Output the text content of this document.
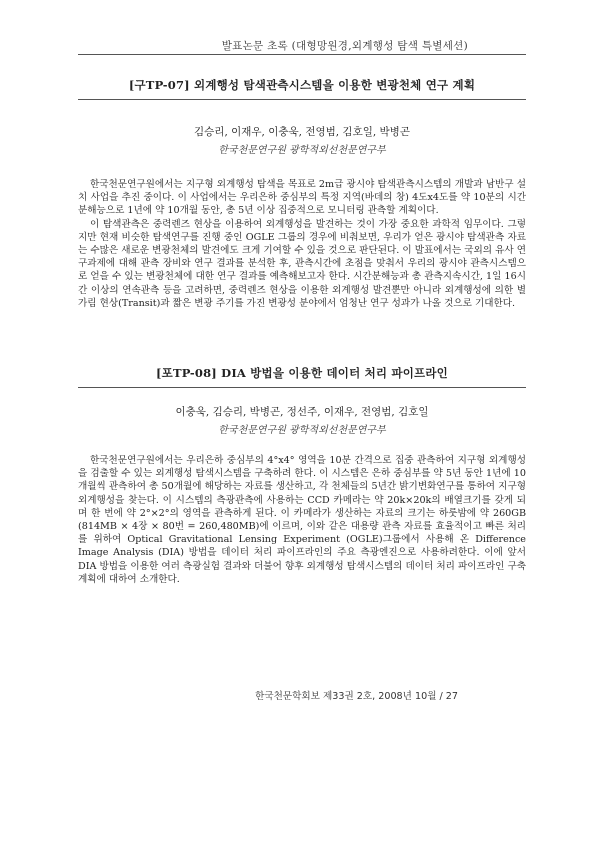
발표논문 초록 (대형망원경,외계행성 탐색 특별세션)
[구TP-07] 외계행성 탐색관측시스템을 이용한 변광천체 연구 계획
김승리, 이재우, 이충욱, 전영범, 김호일, 박병곤
한국천문연구원 광학적외선천문연구부

한국천문연구원에서는 지구형 외계행성 탐색을 목표로 2m급 광시야 탐색관측시스템의 개발과 남반구 설치 사업을 추진 중이다. 이 사업에서는 우리은하 중심부의 특정 지역(바데의 창) 4도x4도를 약 10분의 시간분해능으로 1년에 약 10개월 동안, 총 5년 이상 집중적으로 모니터링 관측할 계획이다.

이 탐색관측은 중력렌즈 현상을 이용하여 외계행성을 발견하는 것이 가장 중요한 과학적 임무이다. 그렇지만 현재 비슷한 탐색연구를 진행 중인 OGLE 그룹의 경우에 비춰보면, 우리가 얻은 광시야 탐색관측 자료는 수많은 새로운 변광천체의 발견에도 크게 기여할 수 있을 것으로 판단된다. 이 발표에서는 국외의 유사 연구과제에 대해 관측 장비와 연구 결과를 분석한 후, 관측시간에 초점을 맞춰서 우리의 광시야 관측시스템으로 얻을 수 있는 변광천체에 대한 연구 결과를 예측해보고자 한다. 시간분해능과 총 관측지속시간, 1일 16시간 이상의 연속관측 등을 고려하면, 중력렌즈 현상을 이용한 외계행성 발견뿐만 아니라 외계행성에 의한 별가림 현상(Transit)과 짧은 변광 주기를 가진 변광성 분야에서 엄청난 연구 성과가 나올 것으로 기대한다.

[포TP-08] DIA 방법을 이용한 데이터 처리 파이프라인
이충욱, 김승리, 박병곤, 정선주, 이재우, 전영범, 김호일
한국천문연구원 광학적외선천문연구부

한국천문연구원에서는 우리은하 중심부의 4°x4° 영역을 10분 간격으로 집중 관측하여 지구형 외계행성을 검출할 수 있는 외계행성 탐색시스템을 구축하려 한다. 이 시스템은 은하 중심부를 약 5년 동안 1년에 10개월씩 관측하여 총 50개월에 해당하는 자료를 생산하고, 각 천체들의 5년간 밝기변화연구를 통하여 지구형 외계행성을 찾는다. 이 시스템의 측광관측에 사용하는 CCD 카메라는 약 20k×20k의 배열크기를 갖게 되며 한 번에 약 2°×2°의 영역을 관측하게 된다. 이 카메라가 생산하는 자료의 크기는 하룻밤에 약 260GB (814MB × 4장 × 80번 = 260,480MB)에 이르며, 이와 같은 대용량 관측 자료를 효율적이고 빠른 처리를 위하여 Optical Gravitational Lensing Experiment (OGLE)그룹에서 사용해 온 Difference Image Analysis (DIA) 방법을 데이터 처리 파이프라인의 주요 측광엔진으로 사용하려한다. 이에 앞서 DIA 방법을 이용한 여러 측광실험 결과와 더불어 향후 외계행성 탐색시스템의 데이터 처리 파이프라인 구축계획에 대하여 소개한다.

한국천문학회보 제33권 2호, 2008년 10월 / 27
